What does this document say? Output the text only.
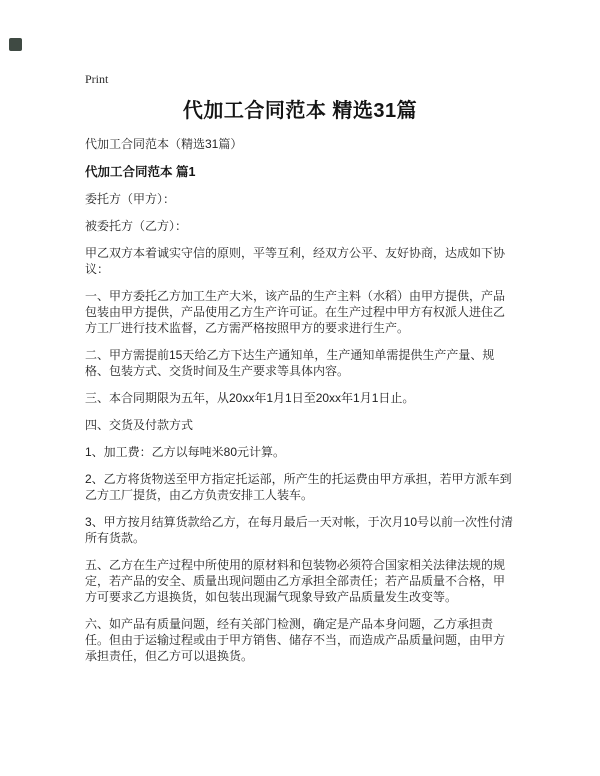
Print
代加工合同范本 精选31篇
代加工合同范本（精选31篇）
代加工合同范本 篇1

委托方（甲方）：

被委托方（乙方）：

甲乙双方本着诚实守信的原则，平等互利，经双方公平、友好协商，达成如下协议：

一、甲方委托乙方加工生产大米，该产品的生产主料（水稻）由甲方提供，产品包装由甲方提供，产品使用乙方生产许可证。在生产过程中甲方有权派人进住乙方工厂进行技术监督，乙方需严格按照甲方的要求进行生产。

二、甲方需提前15天给乙方下达生产通知单，生产通知单需提供生产产量、规格、包装方式、交货时间及生产要求等具体内容。

三、本合同期限为五年，从20xx年1月1日至20xx年1月1日止。

四、交货及付款方式

1、加工费：乙方以每吨米80元计算。

2、乙方将货物送至甲方指定托运部，所产生的托运费由甲方承担，若甲方派车到乙方工厂提货，由乙方负责安排工人装车。

3、甲方按月结算货款给乙方，在每月最后一天对帐，于次月10号以前一次性付清所有货款。

五、乙方在生产过程中所使用的原材料和包装物必须符合国家相关法律法规的规定，若产品的安全、质量出现问题由乙方承担全部责任；若产品质量不合格，甲方可要求乙方退换货，如包装出现漏气现象导致产品质量发生改变等。

六、如产品有质量问题，经有关部门检测，确定是产品本身问题，乙方承担责任。但由于运输过程或由于甲方销售、储存不当，而造成产品质量问题，由甲方承担责任，但乙方可以退换货。
